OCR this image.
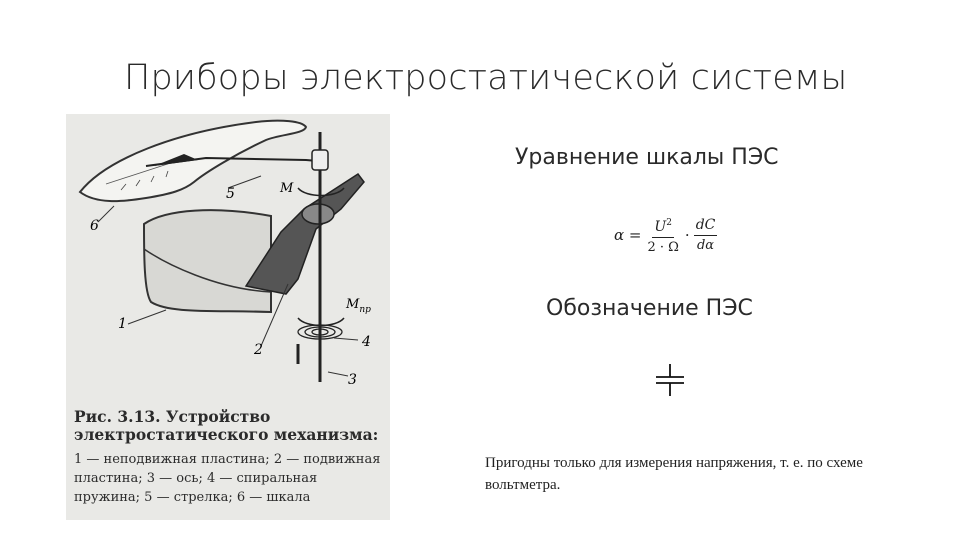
Приборы электростатической системы
1
2
3
4
5
6
M
$M_{пр}$
Рис. 3.13. Устройство электростатического механизма:
1 — неподвижная пластина; 2 — подвижная пластина; 3 — ось; 4 — спиральная пружина; 5 — стрелка; 6 — шкала
Уравнение шкалы ПЭС
$\alpha = \frac{U^2}{2 \cdot \Omega} \cdot \frac{dC}{d\alpha}$
Обозначение ПЭС
Пригодны только для измерения напряжения, т. е. по схеме вольтметра.
